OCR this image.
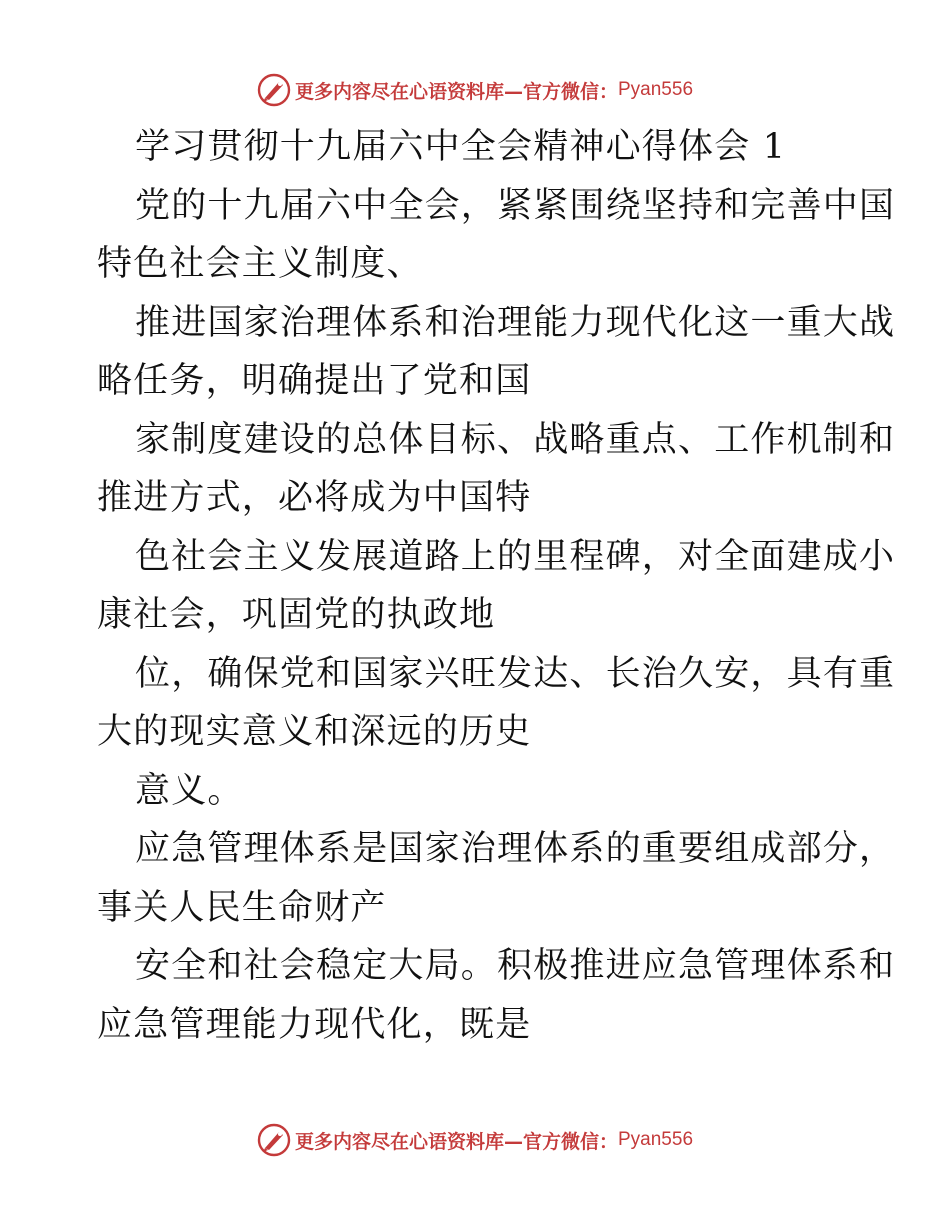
更多内容尽在心语资料库—官方微信： Pyan556
学习贯彻十九届六中全会精神心得体会 1
党的十九届六中全会，紧紧围绕坚持和完善中国
特色社会主义制度、
推进国家治理体系和治理能力现代化这一重大战
略任务，明确提出了党和国
家制度建设的总体目标、战略重点、工作机制和
推进方式，必将成为中国特
色社会主义发展道路上的里程碑，对全面建成小
康社会，巩固党的执政地
位，确保党和国家兴旺发达、长治久安，具有重
大的现实意义和深远的历史
意义。
应急管理体系是国家治理体系的重要组成部分，
事关人民生命财产
安全和社会稳定大局。积极推进应急管理体系和
应急管理能力现代化，既是
更多内容尽在心语资料库—官方微信： Pyan556
